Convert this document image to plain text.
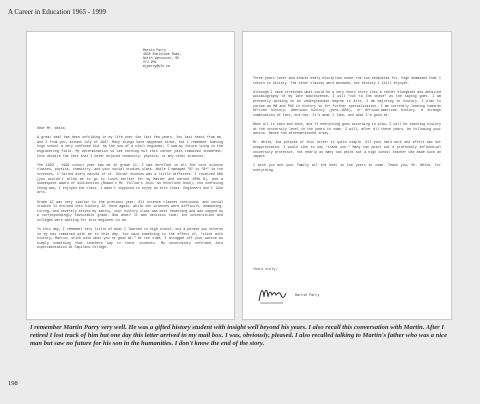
A Career in Education 1965 - 1999
Martin Parry
3030 Edelstone Road,
North Vancouver, BC
V7J 2M1
mjparry@sfu.ca

Dear Mr. White,

A great deal has been unfolding in my life over the last few years. You last heard from me, and I from you, around July of 1997. Many things have happened since, but I remember leaving high school a very confused kid. As the son of a civil engineer, I saw my future lying in the engineering field. My determination to see nothing but this career path remained steadfast; this despite the fact that I never enjoyed chemistry, physics, or any other sciences.

The 1993 - 1996 school year saw me in grade 11. I was enrolled in all the core science classes, physics, chemistry, and your social studies class. While I managed "B" to "B+" in the sciences, I failed every minute of it. Social studies was a little different. I received 96% (you wouldn't allow me to go to lunch earlier for my Master and earned 100% B), and a subsequent award of distinction (Rowan's Mt. Follow's Join, an excellent book); the confusing thing was, I enjoyed the class. I wasn't supposed to enjoy an arts class. Engineers don't like arts.

Grade 12 was very similar to the previous year. All science classes continued, and social studies 11 evolved into history 12. Once again, while the sciences were difficult, demanding, tiring, and severely tested my sanity, your history class was most rewarding and was capped by a correspondingly favourable grade. Now what? It was decision time; the universities and colleges were waiting for this engineer-to-be.

To this day, I remember very little of what I learned in high school, but a phrase you uttered in my has remained with me to this day. You said something to the effect of, "stick with history, Martin; stick with what you're good at." At the time, I shrugged off your advice as simply something that teachers say to their students. My uncertainty unfolded into experimentation at Capilano College.

Three years later and almost every discipline under the sun exhausted for, high demanded that I return to history. The other classes were mundane, but history I still enjoyed.

Although I have stretched what could be a very short story into a rather elongated and detailed autobiography of my late adolescence, I will "cut to the chase" as the saying goes. I am presently working on an undergraduate degree in Arts. I am majoring in history. I plan to pursue an MA and PhD in history so for further specialization, I am currently leaning towards African history, American history (post-1850), or African-American history. A strange combination of fact, but hey. It's what I like, and what I'm good at.

When all is said and done, and if everything goes according to plan, I will be teaching history at the university level in the years to come. I will, after all these years, be following your advice. Hence the aforementioned irony.

Mr. White, the purpose of this letter is quite simple. All your hard work and effort was not unappreciated. I would like to say "thank you." Many can point out a profoundly influential university professor, not nearly as many can point out a high school teacher who made such an impact.

I wish you and your family all the best in the years to come. Thank you, Mr. White, for everything.

Yours truly,
Martin Parry
I remember Martin Parry very well. He was a gifted history student with insight well beyond his years. I also recall this conversation with Martin. After I retired I lost track of him but one day this letter arrived in my mail box. I was, obviously, pleased. I also recalled talking to Martin's father who was a nice man but saw no future for his son in the humanities. I don't know the end of the story.
198
